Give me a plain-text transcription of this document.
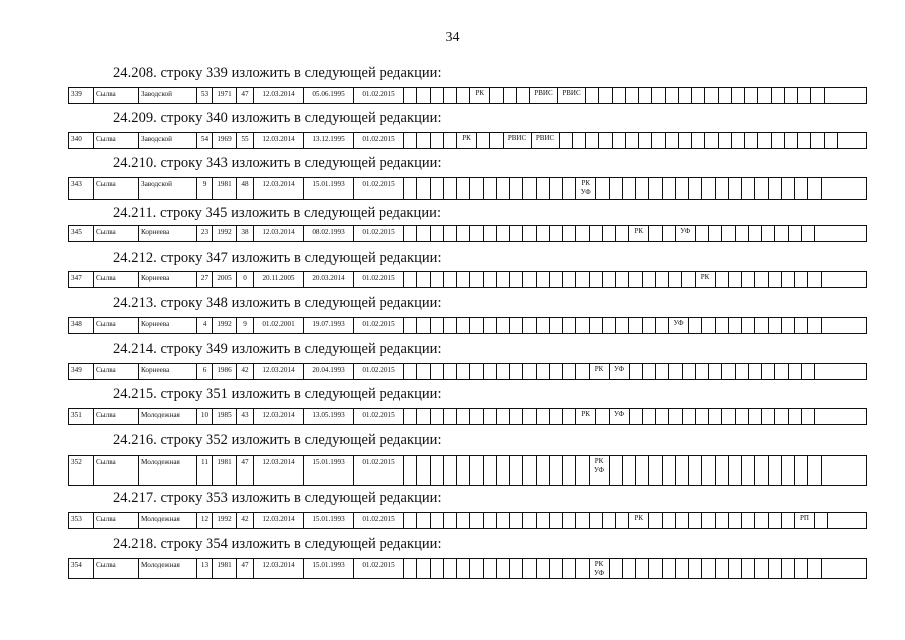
34
24.208. строку 339 изложить в следующей редакции:
339	Сылва	Заводской	53	1971	47	12.03.2014	05.06.1995	01.02.2015	РК	РВИС	РВИС
24.209. строку 340 изложить в следующей редакции:
340	Сылва	Заводской	54	1969	55	12.03.2014	13.12.1995	01.02.2015	РК	РВИС	РВИС
24.210. строку 343 изложить в следующей редакции:
343	Сылва	Заводской	9	1981	48	12.03.2014	15.01.1993	01.02.2015	РК УФ
24.211. строку 345 изложить в следующей редакции:
345	Сылва	Корнеева	23	1992	38	12.03.2014	08.02.1993	01.02.2015	РК	УФ
24.212. строку 347 изложить в следующей редакции:
347	Сылва	Корнеева	27	2005	0	20.11.2005	20.03.2014	01.02.2015	РК
24.213. строку 348 изложить в следующей редакции:
348	Сылва	Корнеева	4	1992	9	01.02.2001	19.07.1993	01.02.2015	УФ
24.214. строку 349 изложить в следующей редакции:
349	Сылва	Корнеева	6	1986	42	12.03.2014	20.04.1993	01.02.2015	РК	УФ
24.215. строку 351 изложить в следующей редакции:
351	Сылва	Молодежная	10	1985	43	12.03.2014	13.05.1993	01.02.2015	РК	УФ
24.216. строку 352 изложить в следующей редакции:
352	Сылва	Молодежная	11	1981	47	12.03.2014	15.01.1993	01.02.2015	РК УФ
24.217. строку 353 изложить в следующей редакции:
353	Сылва	Молодежная	12	1992	42	12.03.2014	15.01.1993	01.02.2015	РК	РП
24.218. строку 354 изложить в следующей редакции:
354	Сылва	Молодежная	13	1981	47	12.03.2014	15.01.1993	01.02.2015	РК УФ
